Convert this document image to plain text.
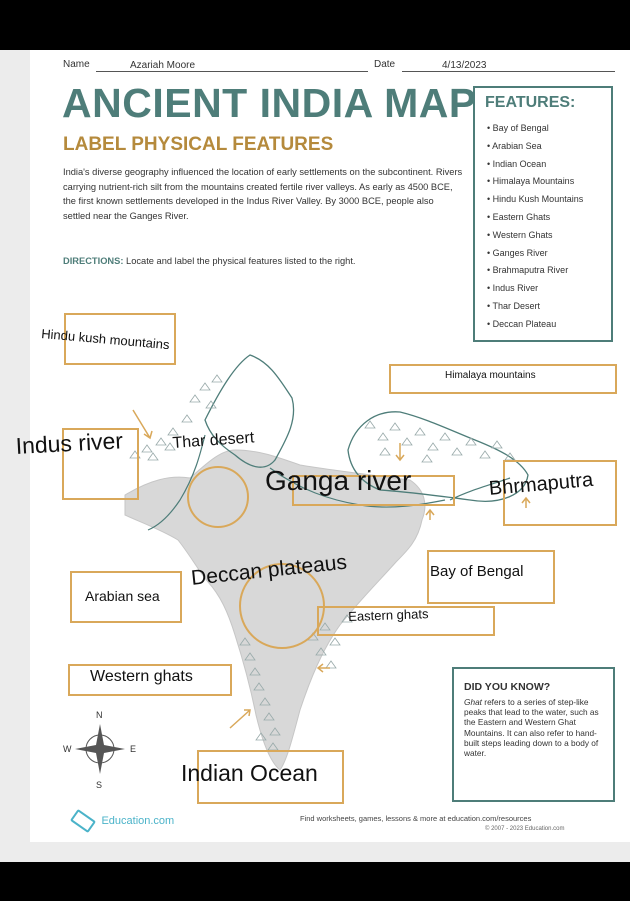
Name	Azariah Moore	Date	4/13/2023
ANCIENT INDIA MAP
LABEL PHYSICAL FEATURES
India's diverse geography influenced the location of early settlements on the subcontinent. Rivers carrying nutrient-rich silt from the mountains created fertile river valleys. As early as 4500 BCE, the first known settlements developed in the Indus River Valley. By 3000 BCE, people also settled near the Ganges River.
DIRECTIONS: Locate and label the physical features listed to the right.
FEATURES:
• Bay of Bengal
• Arabian Sea
• Indian Ocean
• Himalaya Mountains
• Hindu Kush Mountains
• Eastern Ghats
• Western Ghats
• Ganges River
• Brahmaputra River
• Indus River
• Thar Desert
• Deccan Plateau
Hindu kush mountains
Himalaya mountains
Indus river	Thar desert
Ganga river	Bhrmaputra
Deccan plateaus	Bay of Bengal
Arabian sea
Eastern ghats
Western ghats
Indian Ocean
N
S
W	E
DID YOU KNOW?
Ghat refers to a series of step-like peaks that lead to the water, such as the Eastern and Western Ghat Mountains. It can also refer to hand-built steps leading down to a body of water.
Education.com	Find worksheets, games, lessons & more at education.com/resources
© 2007 - 2023 Education.com
